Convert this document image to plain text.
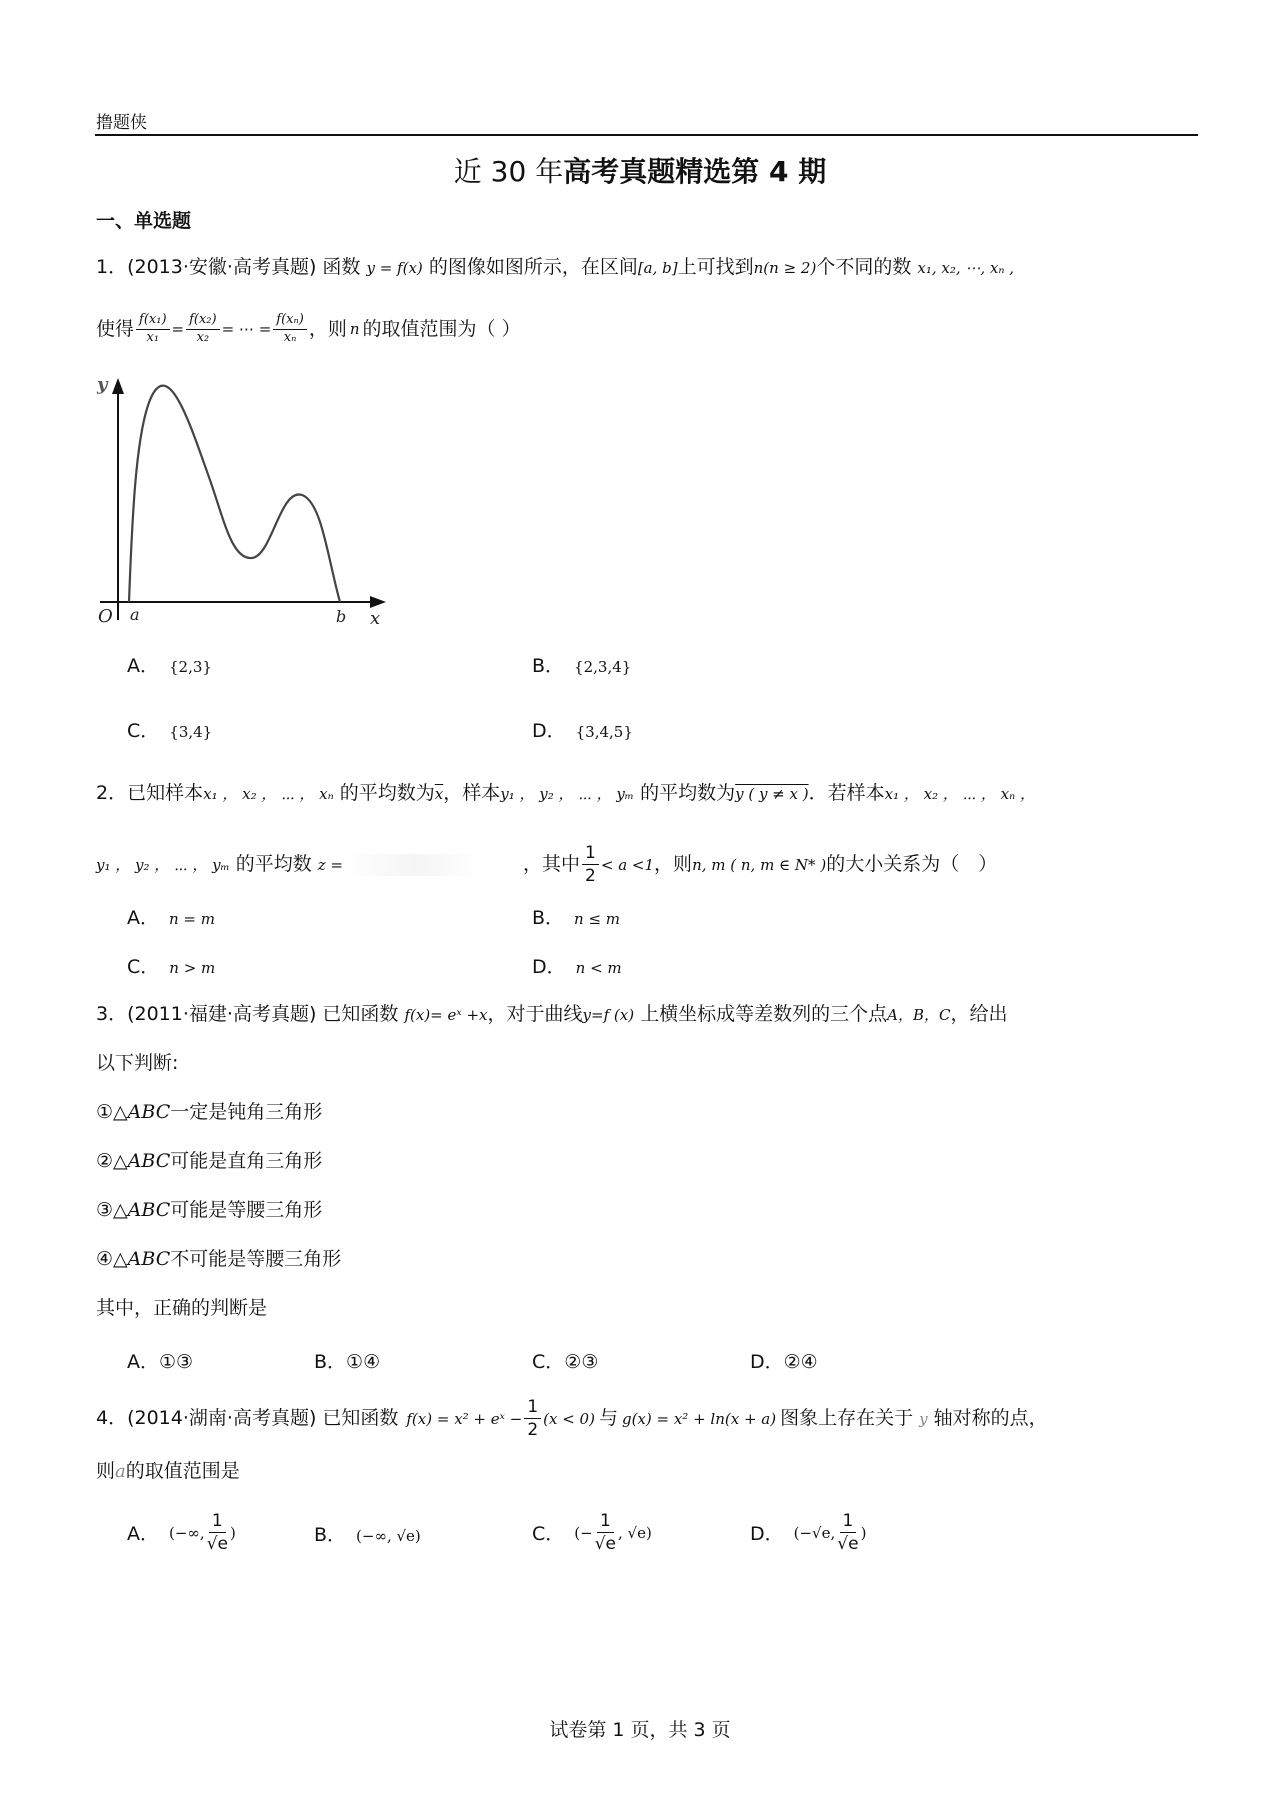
撸题侠
近 30 年高考真题精选第 4 期
一、单选题
1．(2013·安徽·高考真题) 函数 y = f(x) 的图像如图所示，在区间[a, b]上可找到n(n ≥ 2)个不同的数 x₁, x₂, ⋯, xₙ ,
使得 $\frac{\text{f(x₁)}}{\text{x₁}} = \frac{\text{f(x₂)}}{\text{x₂}}$ = ⋯ = $\frac{\text{f(xₙ)}}{\text{xₙ}}$ ，则 n 的取值范围为（ ）
y
O a	b x
A． {2,3}	B． {2,3,4}
C． {3,4}	D． {3,4,5}
2．已知样本x₁ ， x₂ ， ⋯ ， xₙ 的平均数为$\overline{x}$，样本y₁ ， y₂ ， ⋯ ， yₘ 的平均数为y ( y ≠ x )．若样本x₁ ， x₂ ， ⋯ ， xₙ ，
y₁ ， y₂ ， ⋯ ， yₘ 的平均数 z =	，其中 $\frac{1}{2} < a <1$ ，则 n, m ( n, m ∈ N* ) 的大小关系为（　）
A． n = m	B． n ≤ m
C． n > m	D． n < m
3．(2011·福建·高考真题) 已知函数 f(x)= eˣ +x，对于曲线y=f (x) 上横坐标成等差数列的三个点A，B，C，给出
以下判断:
①△ABC一定是钝角三角形
②△ABC可能是直角三角形
③△ABC可能是等腰三角形
④△ABC不可能是等腰三角形
其中，正确的判断是
A．①③	B．①④	C．②③	D．②④
4． (2014·湖南·高考真题) 已知函数 f(x) = x² + eˣ − $\frac{1}{2} (x < 0)$ 与 g(x) = x² + ln(x + a) 图象上存在关于 y 轴对称的点，
则a的取值范围是
A． (−∞, $\frac{1}{√e}$ )	B． (−∞, √e)	C． (− $\frac{1}{√e}$ , √e)	D． (−√e, $\frac{1}{√e}$ )
试卷第 1 页，共 3 页
